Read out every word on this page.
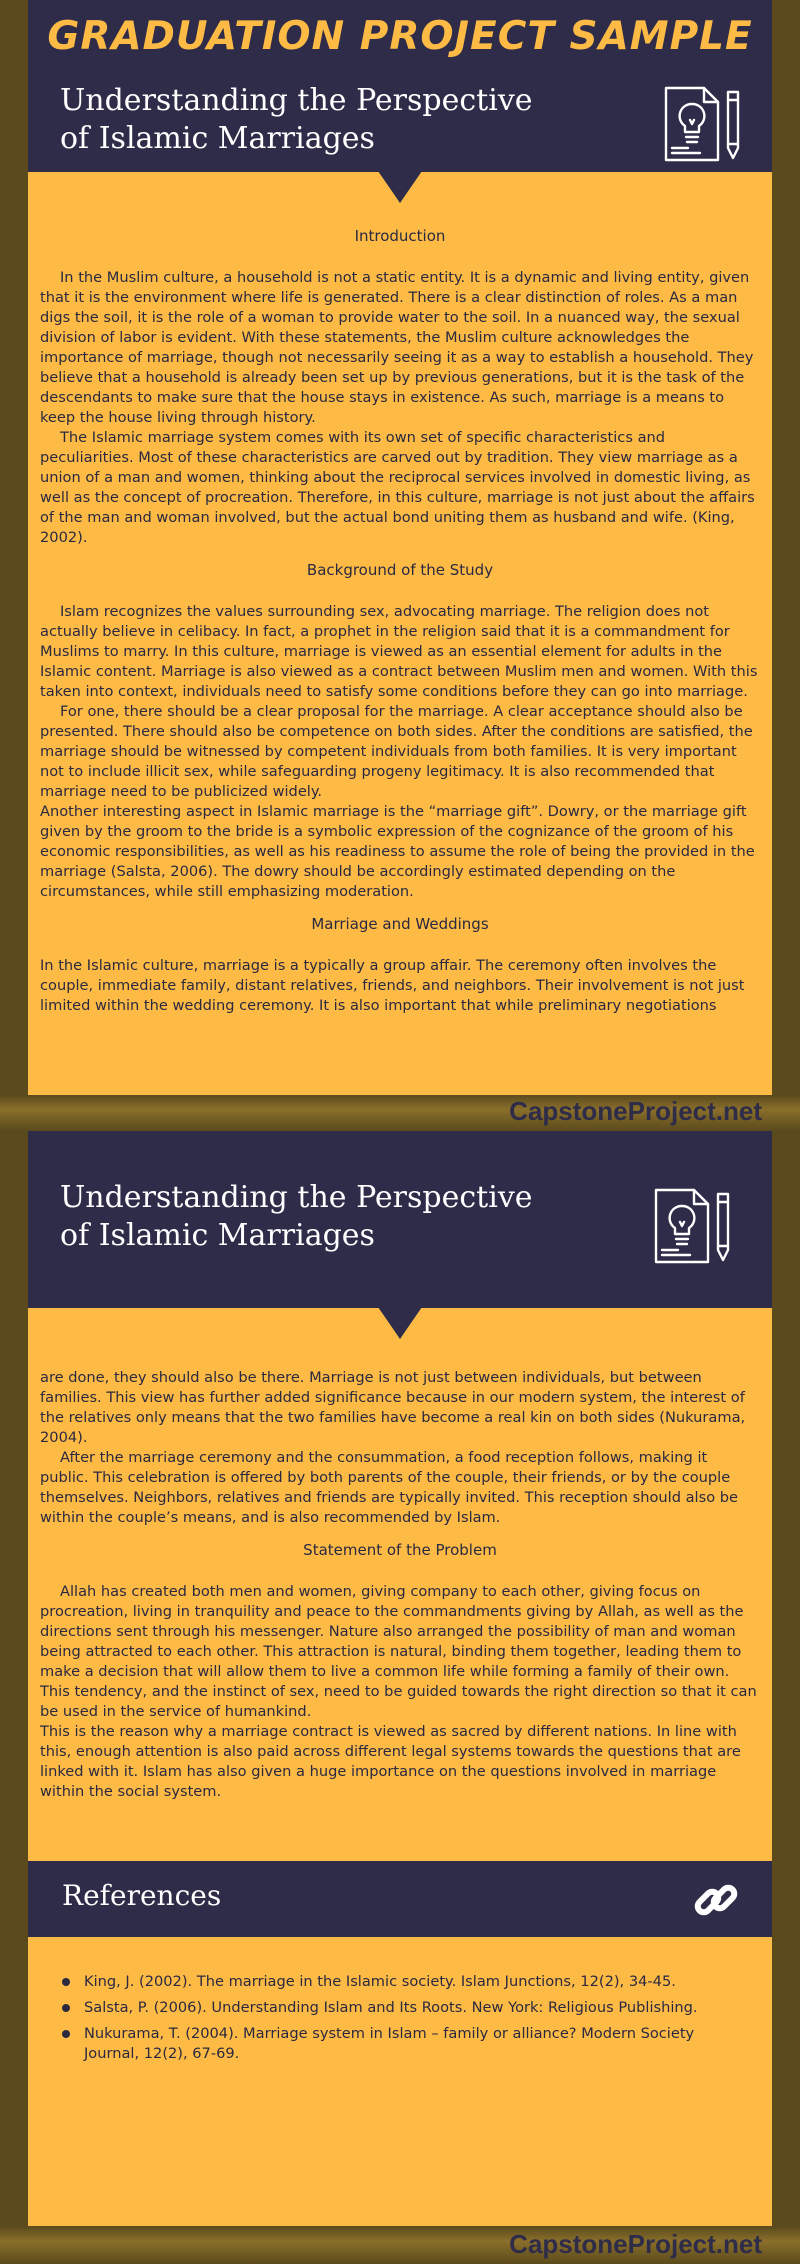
GRADUATION PROJECT SAMPLE
Understanding the Perspective
of Islamic Marriages
Introduction

In the Muslim culture, a household is not a static entity. It is a dynamic and living entity, given that it is the environment where life is generated. There is a clear distinction of roles. As a man digs the soil, it is the role of a woman to provide water to the soil. In a nuanced way, the sexual division of labor is evident. With these statements, the Muslim culture acknowledges the importance of marriage, though not necessarily seeing it as a way to establish a household. They believe that a household is already been set up by previous generations, but it is the task of the descendants to make sure that the house stays in existence. As such, marriage is a means to keep the house living through history.

The Islamic marriage system comes with its own set of specific characteristics and peculiarities. Most of these characteristics are carved out by tradition. They view marriage as a union of a man and women, thinking about the reciprocal services involved in domestic living, as well as the concept of procreation. Therefore, in this culture, marriage is not just about the affairs of the man and woman involved, but the actual bond uniting them as husband and wife. (King, 2002).

Background of the Study

Islam recognizes the values surrounding sex, advocating marriage. The religion does not actually believe in celibacy. In fact, a prophet in the religion said that it is a commandment for Muslims to marry. In this culture, marriage is viewed as an essential element for adults in the Islamic content. Marriage is also viewed as a contract between Muslim men and women. With this taken into context, individuals need to satisfy some conditions before they can go into marriage.

For one, there should be a clear proposal for the marriage. A clear acceptance should also be presented. There should also be competence on both sides. After the conditions are satisfied, the marriage should be witnessed by competent individuals from both families. It is very important not to include illicit sex, while safeguarding progeny legitimacy. It is also recommended that marriage need to be publicized widely.

Another interesting aspect in Islamic marriage is the “marriage gift”. Dowry, or the marriage gift given by the groom to the bride is a symbolic expression of the cognizance of the groom of his economic responsibilities, as well as his readiness to assume the role of being the provided in the marriage (Salsta, 2006). The dowry should be accordingly estimated depending on the circumstances, while still emphasizing moderation.

Marriage and Weddings

In the Islamic culture, marriage is a typically a group affair. The ceremony often involves the couple, immediate family, distant relatives, friends, and neighbors. Their involvement is not just limited within the wedding ceremony. It is also important that while preliminary negotiations

CapstoneProject.net
Understanding the Perspective
of Islamic Marriages

are done, they should also be there. Marriage is not just between individuals, but between families. This view has further added significance because in our modern system, the interest of the relatives only means that the two families have become a real kin on both sides (Nukurama, 2004).

After the marriage ceremony and the consummation, a food reception follows, making it public. This celebration is offered by both parents of the couple, their friends, or by the couple themselves. Neighbors, relatives and friends are typically invited. This reception should also be within the couple’s means, and is also recommended by Islam.

Statement of the Problem

Allah has created both men and women, giving company to each other, giving focus on procreation, living in tranquility and peace to the commandments giving by Allah, as well as the directions sent through his messenger. Nature also arranged the possibility of man and woman being attracted to each other. This attraction is natural, binding them together, leading them to make a decision that will allow them to live a common life while forming a family of their own. This tendency, and the instinct of sex, need to be guided towards the right direction so that it can be used in the service of humankind.

This is the reason why a marriage contract is viewed as sacred by different nations. In line with this, enough attention is also paid across different legal systems towards the questions that are linked with it. Islam has also given a huge importance on the questions involved in marriage within the social system.

References
King, J. (2002). The marriage in the Islamic society. Islam Junctions, 12(2), 34-45.
Salsta, P. (2006). Understanding Islam and Its Roots. New York: Religious Publishing.
Nukurama, T. (2004). Marriage system in Islam – family or alliance? Modern Society Journal, 12(2), 67-69.
CapstoneProject.net
